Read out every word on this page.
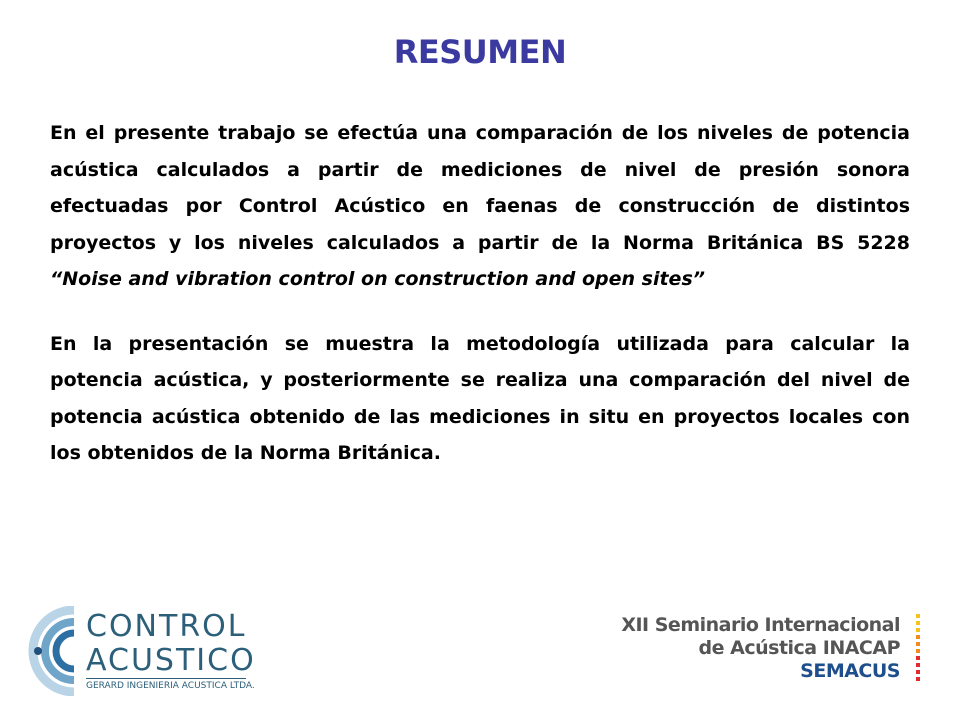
RESUMEN

En el presente trabajo se efectúa una comparación de los niveles de potencia acústica calculados a partir de mediciones de nivel de presión sonora efectuadas por Control Acústico en faenas de construcción de distintos proyectos y los niveles calculados a partir de la Norma Británica BS 5228 “Noise and vibration control on construction and open sites”

En la presentación se muestra la metodología utilizada para calcular la potencia acústica, y posteriormente se realiza una comparación del nivel de potencia acústica obtenido de las mediciones in situ en proyectos locales con los obtenidos de la Norma Británica.

CONTROL
ACUSTICO
GERARD INGENIERIA ACUSTICA LTDA.
XII Seminario Internacional
de Acústica INACAP
SEMACUS
